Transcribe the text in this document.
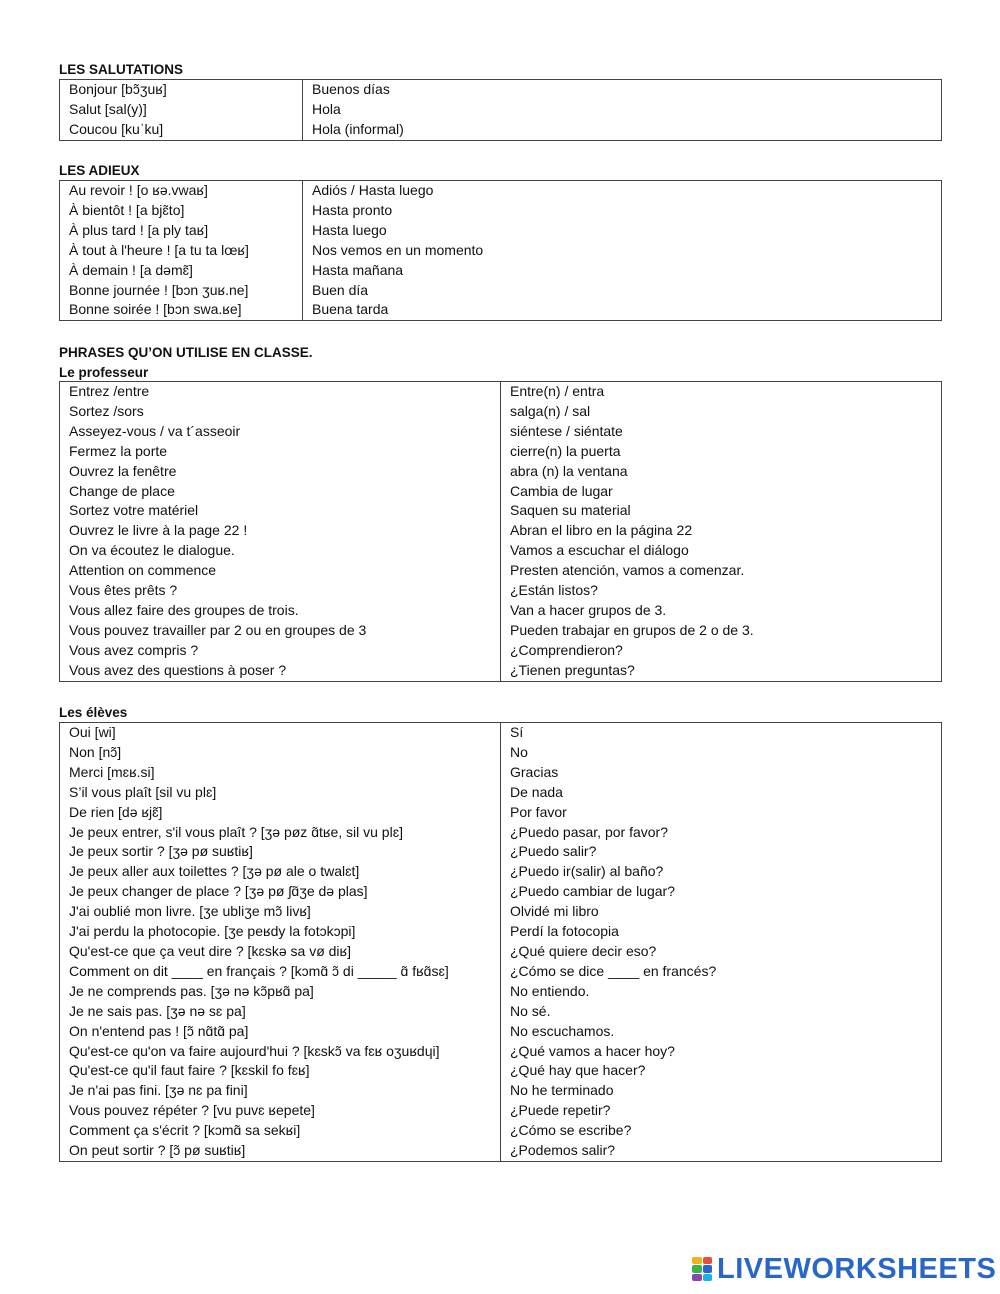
LES SALUTATIONS
Bonjour [bɔ̃ʒuʁ]	Buenos días
Salut [sal(y)]	Hola
Coucou [kuˈku]	Hola (informal)
LES ADIEUX
Au revoir ! [o ʁə.vwaʁ]	Adiós / Hasta luego
À bientôt ! [a bjɛ̃to]	Hasta pronto
À plus tard ! [a ply taʁ]	Hasta luego
À tout à l'heure ! [a tu ta lœʁ]	Nos vemos en un momento
À demain ! [a dəmɛ̃]	Hasta mañana
Bonne journée ! [bɔn ʒuʁ.ne]	Buen día
Bonne soirée ! [bɔn swa.ʁe]	Buena tarda
PHRASES QU’ON UTILISE EN CLASSE.
Le professeur
Entrez /entre	Entre(n) / entra
Sortez /sors	salga(n) / sal
Asseyez-vous / va t´asseoir	siéntese / siéntate
Fermez la porte	cierre(n) la puerta
Ouvrez la fenêtre	abra (n) la ventana
Change de place	Cambia de lugar
Sortez votre matériel	Saquen su material
Ouvrez le livre à la page 22 !	Abran el libro en la página 22
On va écoutez le dialogue.	Vamos a escuchar el diálogo
Attention on commence	Presten atención, vamos a comenzar.
Vous êtes prêts ?	¿Están listos?
Vous allez faire des groupes de trois.	Van a hacer grupos de 3.
Vous pouvez travailler par 2 ou en groupes de 3	Pueden trabajar en grupos de 2 o de 3.
Vous avez compris ?	¿Comprendieron?
Vous avez des questions à poser ?	¿Tienen preguntas?
Les élèves
Oui [wi]	Sí
Non [nɔ̃]	No
Merci [mɛʁ.si]	Gracias
S’il vous plaît [sil vu plɛ]	De nada
De rien [də ʁjɛ̃]	Por favor
Je peux entrer, s'il vous plaît ? [ʒə pøz ɑ̃tʁe, sil vu plɛ]	¿Puedo pasar, por favor?
Je peux sortir ? [ʒə pø suʁtiʁ]	¿Puedo salir?
Je peux aller aux toilettes ? [ʒə pø ale o twalɛt]	¿Puedo ir(salir) al baño?
Je peux changer de place ? [ʒə pø ʃɑ̃ʒe də plas]	¿Puedo cambiar de lugar?
J'ai oublié mon livre. [ʒe ubliʒe mɔ̃ livʁ]	Olvidé mi libro
J'ai perdu la photocopie. [ʒe peʁdy la fotɔkɔpi]	Perdí la fotocopia
Qu'est-ce que ça veut dire ? [kɛskə sa vø diʁ]	¿Qué quiere decir eso?
Comment on dit ____ en français ? [kɔmɑ̃ ɔ̃ di _____ ɑ̃ fʁɑ̃sɛ]	¿Cómo se dice ____ en francés?
Je ne comprends pas. [ʒə nə kɔ̃pʁɑ̃ pa]	No entiendo.
Je ne sais pas. [ʒə nə sɛ pa]	No sé.
On n'entend pas ! [ɔ̃ nɑ̃tɑ̃ pa]	No escuchamos.
Qu'est-ce qu'on va faire aujourd'hui ? [kɛskɔ̃ va fɛʁ oʒuʁdɥi]	¿Qué vamos a hacer hoy?
Qu'est-ce qu'il faut faire ? [kɛskil fo fɛʁ]	¿Qué hay que hacer?
Je n'ai pas fini. [ʒə nɛ pa fini]	No he terminado
Vous pouvez répéter ? [vu puvɛ ʁepete]	¿Puede repetir?
Comment ça s'écrit ? [kɔmɑ̃ sa sekʁi]	¿Cómo se escribe?
On peut sortir ? [ɔ̃ pø suʁtiʁ]	¿Podemos salir?
LIVEWORKSHEETS
